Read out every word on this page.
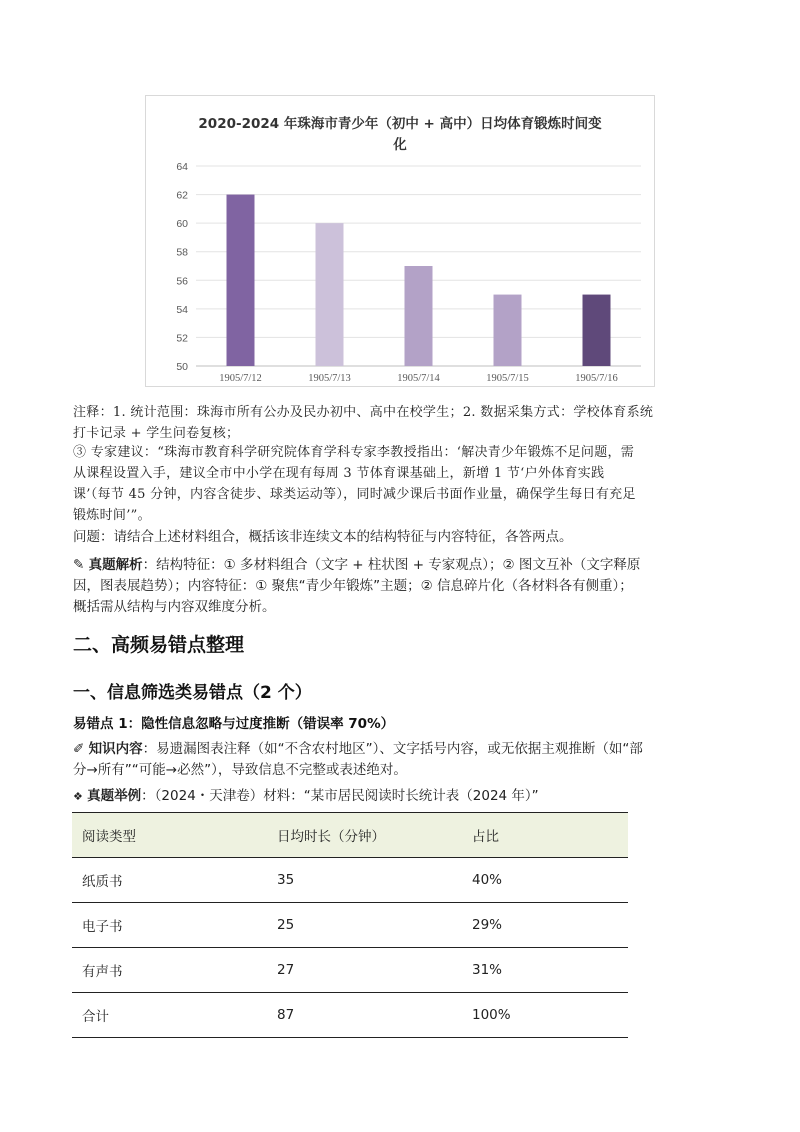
2020-2024 年珠海市青少年（初中 + 高中）日均体育锻炼时间变
化
50
52
54
56
58
60
62
64
1905/7/12	1905/7/13	1905/7/14	1905/7/15	1905/7/16
注释：1. 统计范围：珠海市所有公办及民办初中、高中在校学生；2. 数据采集方式：学校体育系统
打卡记录 + 学生问卷复核；
③ 专家建议：“珠海市教育科学研究院体育学科专家李教授指出：‘解决青少年锻炼不足问题，需
从课程设置入手，建议全市中小学在现有每周 3 节体育课基础上，新增 1 节‘户外体育实践
课’（每节 45 分钟，内容含徒步、球类运动等），同时减少课后书面作业量，确保学生每日有充足
锻炼时间’”。
问题：请结合上述材料组合，概括该非连续文本的结构特征与内容特征，各答两点。
✎ 真题解析：结构特征：① 多材料组合（文字 + 柱状图 + 专家观点）；② 图文互补（文字释原
因，图表展趋势）；内容特征：① 聚焦“青少年锻炼”主题；② 信息碎片化（各材料各有侧重）；
概括需从结构与内容双维度分析。
二、高频易错点整理
一、信息筛选类易错点（2 个）
易错点 1：隐性信息忽略与过度推断（错误率 70%）
✐ 知识内容：易遗漏图表注释（如“不含农村地区”）、文字括号内容，或无依据主观推断（如“部
分→所有”“可能→必然”），导致信息不完整或表述绝对。
❖ 真题举例：（2024・天津卷）材料：“某市居民阅读时长统计表（2024 年）”
阅读类型	日均时长（分钟）	占比
纸质书	35	40%
电子书	25	29%
有声书	27	31%
合计	87	100%
